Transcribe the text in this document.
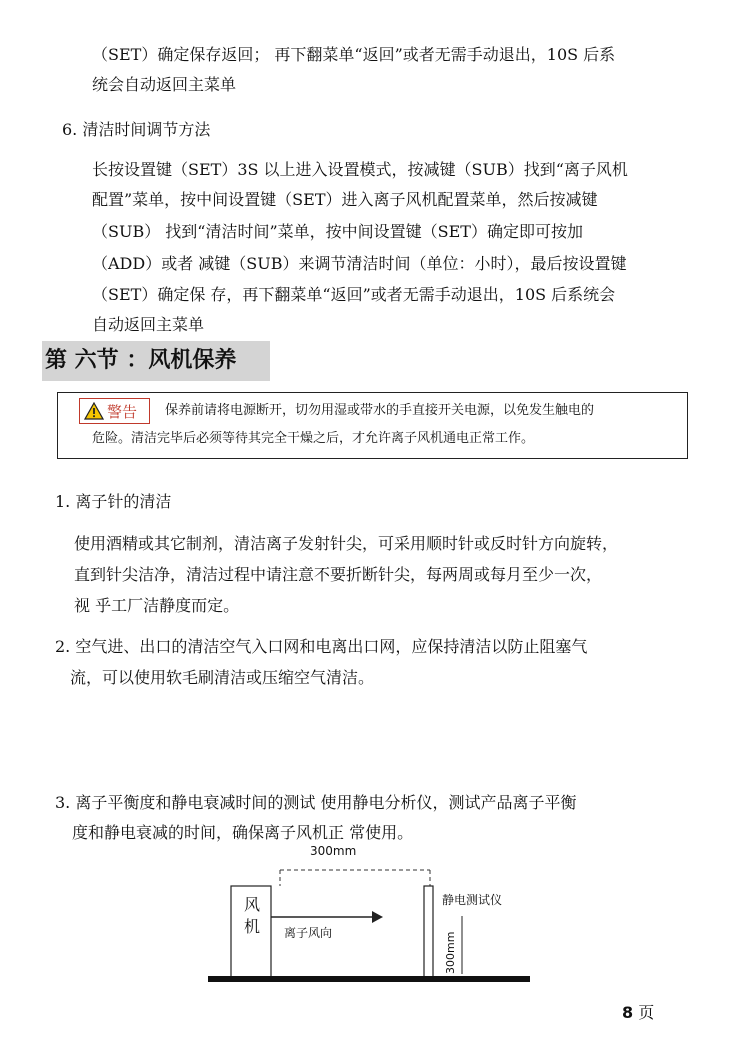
（SET）确定保存返回； 再下翻菜单“返回”或者无需手动退出，10S 后系
统会自动返回主菜单
6. 清洁时间调节方法
长按设置键（SET）3S 以上进入设置模式，按减键（SUB）找到“离子风机
配置”菜单，按中间设置键（SET）进入离子风机配置菜单，然后按减键
（SUB） 找到“清洁时间”菜单，按中间设置键（SET）确定即可按加
（ADD）或者 减键（SUB）来调节清洁时间（单位：小时），最后按设置键
（SET）确定保 存，再下翻菜单“返回”或者无需手动退出，10S 后系统会
自动返回主菜单
第 六节 ：风机保养
警告 保养前请将电源断开，切勿用湿或带水的手直接开关电源，以免发生触电的
危险。清洁完毕后必须等待其完全干燥之后，才允许离子风机通电正常工作。
1. 离子针的清洁
使用酒精或其它制剂，清洁离子发射针尖，可采用顺时针或反时针方向旋转，
直到针尖洁净，清洁过程中请注意不要折断针尖，每两周或每月至少一次，
视 乎工厂洁静度而定。
2. 空气进、出口的清洁空气入口网和电离出口网，应保持清洁以防止阻塞气
流，可以使用软毛刷清洁或压缩空气清洁。
3. 离子平衡度和静电衰减时间的测试 使用静电分析仪，测试产品离子平衡
度和静电衰减的时间，确保离子风机正 常使用。
300mm
风
机 离子风向
静电测试仪
300mm
8 页
